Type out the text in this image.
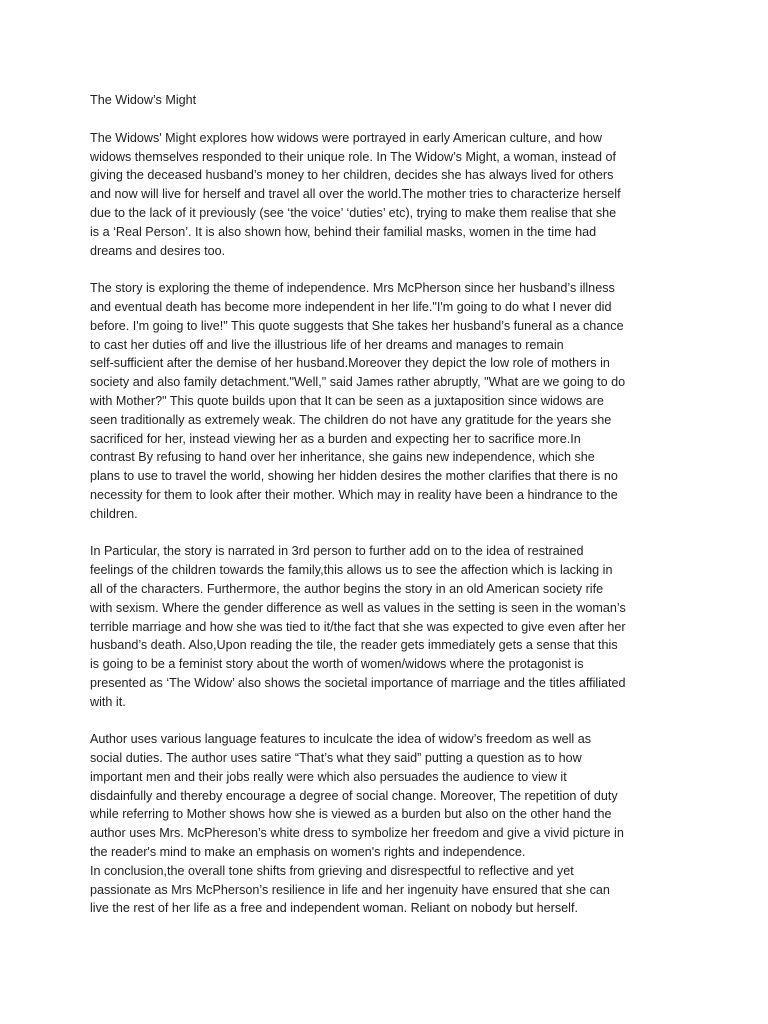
The Widow’s Might
The Widows' Might explores how widows were portrayed in early American culture, and how
widows themselves responded to their unique role. In The Widow’s Might, a woman, instead of
giving the deceased husband’s money to her children, decides she has always lived for others
and now will live for herself and travel all over the world.The mother tries to characterize herself
due to the lack of it previously (see ‘the voice’ ‘duties’ etc), trying to make them realise that she
is a ‘Real Person’. It is also shown how, behind their familial masks, women in the time had
dreams and desires too.
The story is exploring the theme of independence. Mrs McPherson since her husband’s illness
and eventual death has become more independent in her life."I'm going to do what I never did
before. I'm going to live!" This quote suggests that She takes her husband’s funeral as a chance
to cast her duties off and live the illustrious life of her dreams and manages to remain
self-sufficient after the demise of her husband.Moreover they depict the low role of mothers in
society and also family detachment."Well," said James rather abruptly, "What are we going to do
with Mother?" This quote builds upon that It can be seen as a juxtaposition since widows are
seen traditionally as extremely weak. The children do not have any gratitude for the years she
sacrificed for her, instead viewing her as a burden and expecting her to sacrifice more.In
contrast By refusing to hand over her inheritance, she gains new independence, which she
plans to use to travel the world, showing her hidden desires the mother clarifies that there is no
necessity for them to look after their mother. Which may in reality have been a hindrance to the
children.
In Particular, the story is narrated in 3rd person to further add on to the idea of restrained
feelings of the children towards the family,this allows us to see the affection which is lacking in
all of the characters. Furthermore, the author begins the story in an old American society rife
with sexism. Where the gender difference as well as values in the setting is seen in the woman’s
terrible marriage and how she was tied to it/the fact that she was expected to give even after her
husband’s death. Also,Upon reading the tile, the reader gets immediately gets a sense that this
is going to be a feminist story about the worth of women/widows where the protagonist is
presented as ‘The Widow’ also shows the societal importance of marriage and the titles affiliated
with it.
Author uses various language features to inculcate the idea of widow’s freedom as well as
social duties. The author uses satire “That’s what they said” putting a question as to how
important men and their jobs really were which also persuades the audience to view it
disdainfully and thereby encourage a degree of social change. Moreover, The repetition of duty
while referring to Mother shows how she is viewed as a burden but also on the other hand the
author uses Mrs. McPhereson’s white dress to symbolize her freedom and give a vivid picture in
the reader's mind to make an emphasis on women's rights and independence.
In conclusion,the overall tone shifts from grieving and disrespectful to reflective and yet
passionate as Mrs McPherson’s resilience in life and her ingenuity have ensured that she can
live the rest of her life as a free and independent woman. Reliant on nobody but herself.
